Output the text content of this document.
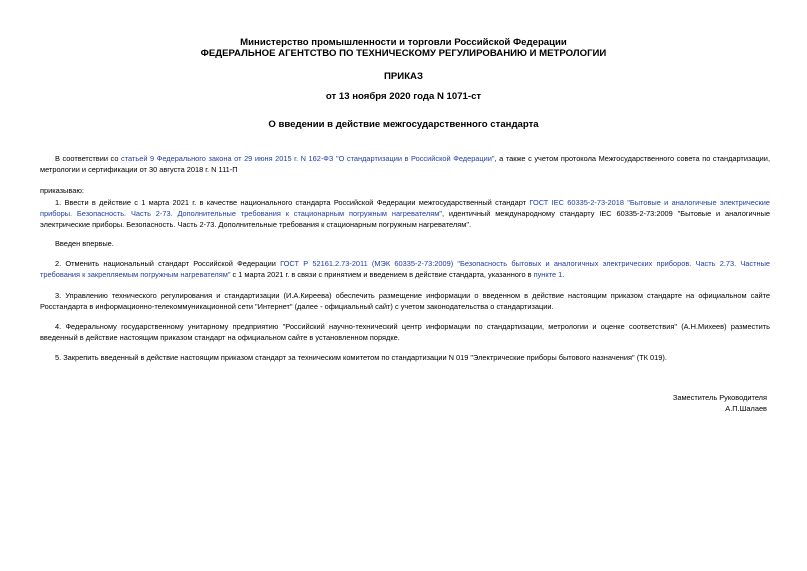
Министерство промышленности и торговли Российской Федерации
ФЕДЕРАЛЬНОЕ АГЕНТСТВО ПО ТЕХНИЧЕСКОМУ РЕГУЛИРОВАНИЮ И МЕТРОЛОГИИ
ПРИКАЗ
от 13 ноября 2020 года N 1071-ст
О введении в действие межгосударственного стандарта
В соответствии со статьей 9 Федерального закона от 29 июня 2015 г. N 162-ФЗ "О стандартизации в Российской Федерации", а также с учетом протокола Межгосударственного совета по стандартизации, метрологии и сертификации от 30 августа 2018 г. N 111-П
приказываю:
1. Ввести в действие с 1 марта 2021 г. в качестве национального стандарта Российской Федерации межгосударственный стандарт ГОСТ IEC 60335-2-73-2018 "Бытовые и аналогичные электрические приборы. Безопасность. Часть 2-73. Дополнительные требования к стационарным погружным нагревателям", идентичный международному стандарту IEC 60335-2-73:2009 "Бытовые и аналогичные электрические приборы. Безопасность. Часть 2-73. Дополнительные требования к стационарным погружным нагревателям".
Введен впервые.
2. Отменить национальный стандарт Российской Федерации ГОСТ Р 52161.2.73-2011 (МЭК 60335-2-73:2009) "Безопасность бытовых и аналогичных электрических приборов. Часть 2.73. Частные требования к закрепляемым погружным нагревателям" с 1 марта 2021 г. в связи с принятием и введением в действие стандарта, указанного в пункте 1.
3. Управлению технического регулирования и стандартизации (И.А.Киреева) обеспечить размещение информации о введенном в действие настоящим приказом стандарте на официальном сайте Росстандарта в информационно-телекоммуникационной сети "Интернет" (далее - официальный сайт) с учетом законодательства о стандартизации.
4. Федеральному государственному унитарному предприятию "Российский научно-технический центр информации по стандартизации, метрологии и оценке соответствия" (А.Н.Михеев) разместить введенный в действие настоящим приказом стандарт на официальном сайте в установленном порядке.
5. Закрепить введенный в действие настоящим приказом стандарт за техническим комитетом по стандартизации N 019 "Электрические приборы бытового назначения" (ТК 019).
Заместитель Руководителя
А.П.Шалаев
